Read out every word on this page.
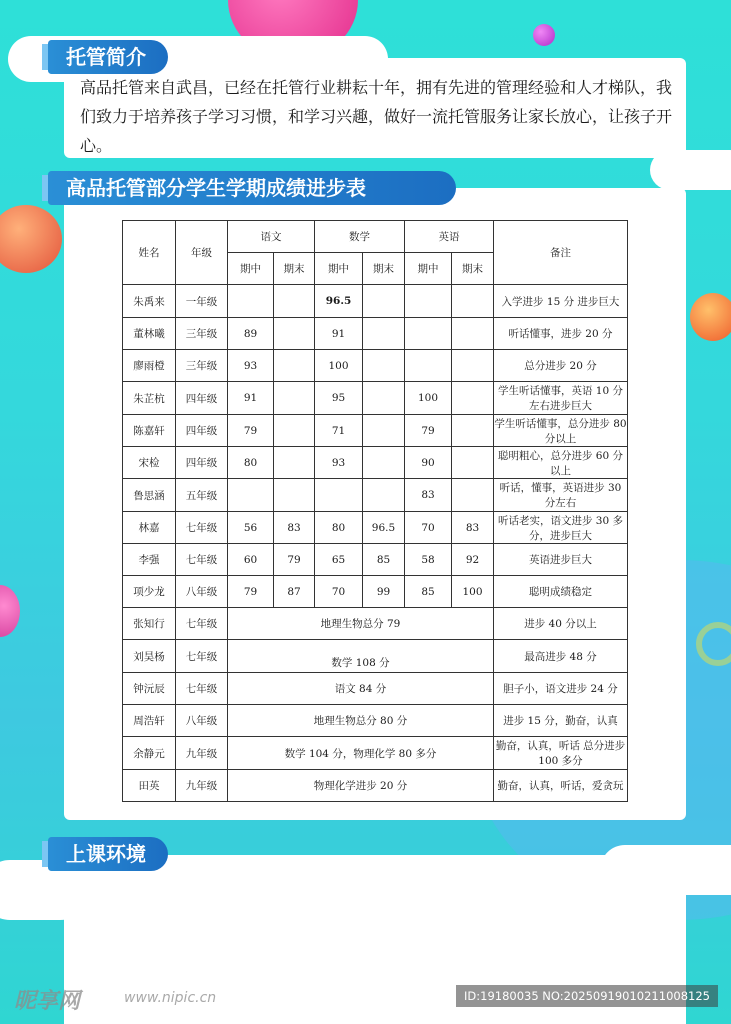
托管简介
高品托管来自武昌，已经在托管行业耕耘十年，拥有先进的管理经验和人才梯队，我们致力于培养孩子学习习惯，和学习兴趣，做好一流托管服务让家长放心，让孩子开心。
高品托管部分学生学期成绩进步表
姓名	年级	语文		数学		英语		备注
		期中	期末	期中	期末	期中	期末	
朱禹来	一年级			96.5				入学进步 15 分 进步巨大
董林曦	三年级	89		91				听话懂事，进步 20 分
廖雨橙	三年级	93		100				总分进步 20 分
朱芷杭	四年级	91		95		100		学生听话懂事，英语 10 分左右进步巨大
陈嘉轩	四年级	79		71		79		学生听话懂事，总分进步 80 分以上
宋检	四年级	80		93		90		聪明粗心，总分进步 60 分以上
鲁思涵	五年级					83		听话，懂事，英语进步 30 分左右
林嘉	七年级	56	83	80	96.5	70	83	听话老实，语文进步 30 多分，进步巨大
李强	七年级	60	79	65	85	58	92	英语进步巨大
项少龙	八年级	79	87	70	99	85	100	聪明成绩稳定
张知行	七年级	地理生物总分 79						进步 40 分以上
刘昊杨	七年级	数学 108 分						最高进步 48 分
钟沅辰	七年级	语文 84 分						胆子小，语文进步 24 分
周浩轩	八年级	地理生物总分 80 分						进步 15 分，勤奋，认真
余静元	九年级	数学 104 分，物理化学 80 多分						勤奋，认真，听话 总分进步 100 多分
田英	九年级	物理化学进步 20 分						勤奋，认真，听话，爱贪玩
上课环境
昵享网	www.nipic.cn	ID:19180035 NO:20250919010211008125
